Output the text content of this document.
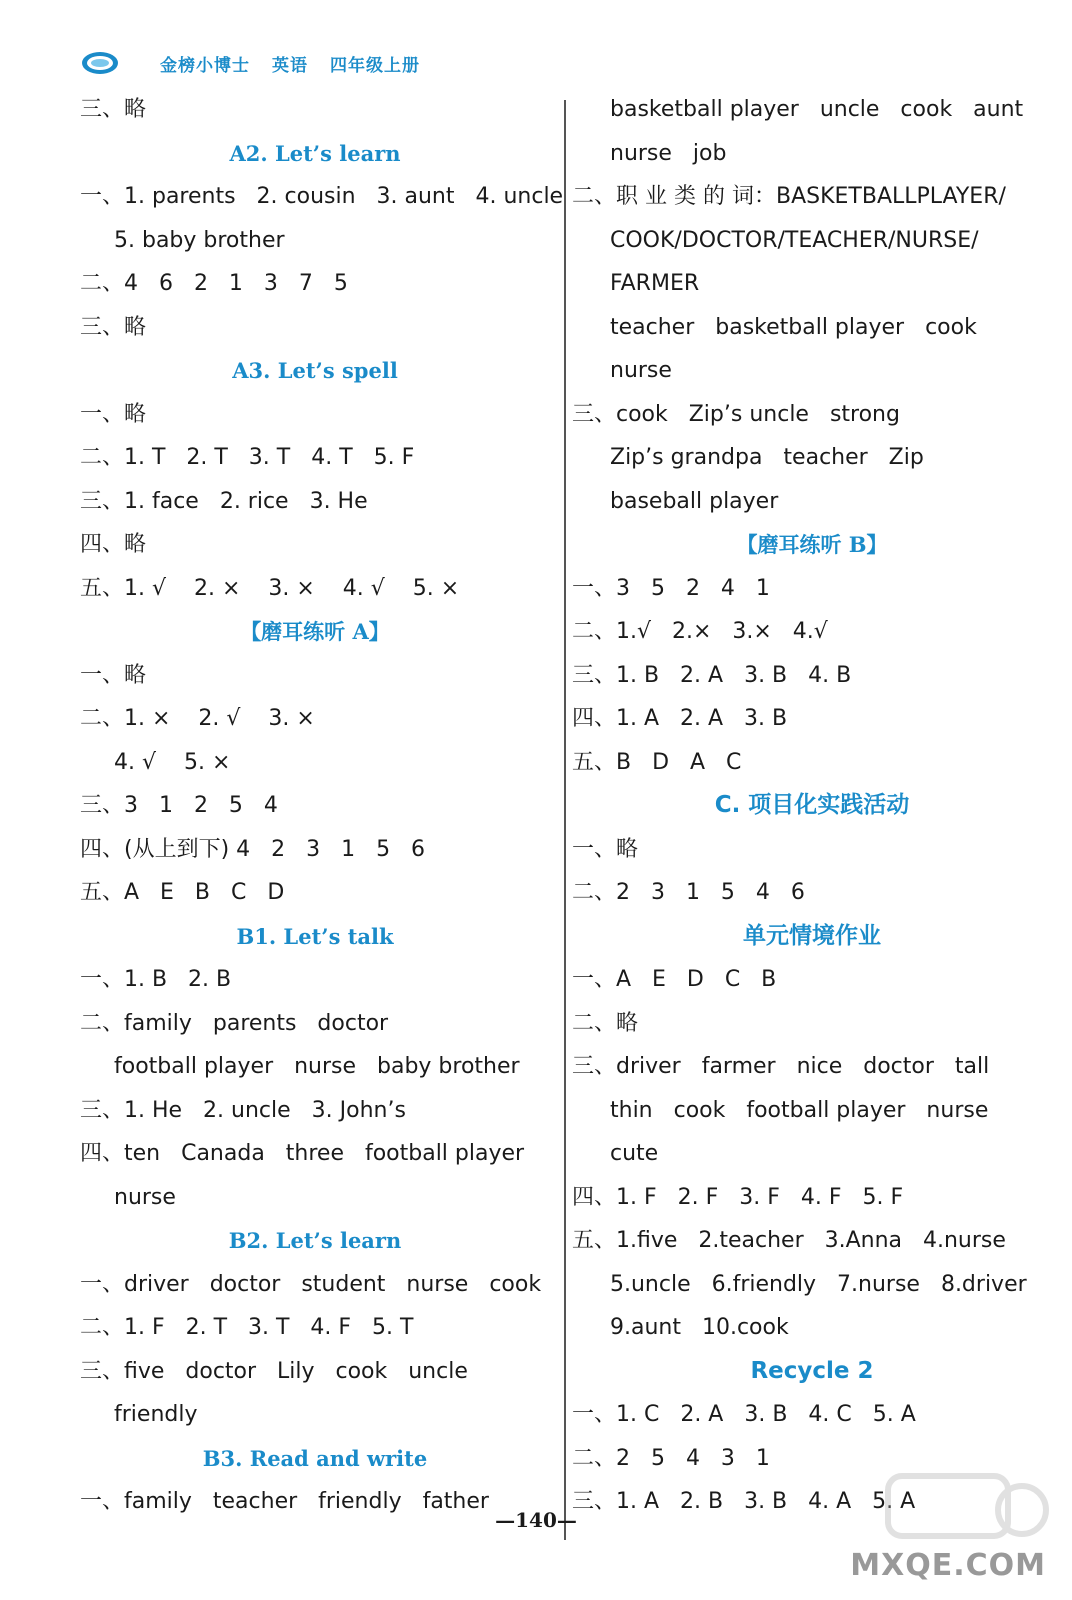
金榜小博士 英语 四年级上册
三、略
A2. Let’s learn
一、1. parents   2. cousin   3. aunt   4. uncle
5. baby brother
二、4   6   2   1   3   7   5
三、略
A3. Let’s spell
一、略
二、1. T   2. T   3. T   4. T   5. F
三、1. face   2. rice   3. He
四、略
五、1. √    2. ×    3. ×    4. √    5. ×
【磨耳练听 A】
一、略
二、1. ×    2. √    3. ×
4. √    5. ×
三、3   1   2   5   4
四、(从上到下) 4   2   3   1   5   6
五、A   E   B   C   D
B1. Let’s talk
一、1. B   2. B
二、family   parents   doctor
football player   nurse   baby brother
三、1. He   2. uncle   3. John’s
四、ten   Canada   three   football player
nurse
B2. Let’s learn
一、driver   doctor   student   nurse   cook
二、1. F   2. T   3. T   4. F   5. T
三、five   doctor   Lily   cook   uncle
friendly
B3. Read and write
一、family   teacher   friendly   father
basketball player   uncle   cook   aunt
nurse   job
二、职 业 类 的 词：BASKETBALLPLAYER/
COOK/DOCTOR/TEACHER/NURSE/
FARMER
teacher   basketball player   cook
nurse
三、cook   Zip’s uncle   strong
Zip’s grandpa   teacher   Zip
baseball player
【磨耳练听 B】
一、3   5   2   4   1
二、1.√   2.×   3.×   4.√
三、1. B   2. A   3. B   4. B
四、1. A   2. A   3. B
五、B   D   A   C
C. 项目化实践活动
一、略
二、2   3   1   5   4   6
单元情境作业
一、A   E   D   C   B
二、略
三、driver   farmer   nice   doctor   tall
thin   cook   football player   nurse
cute
四、1. F   2. F   3. F   4. F   5. F
五、1.five   2.teacher   3.Anna   4.nurse
5.uncle   6.friendly   7.nurse   8.driver
9.aunt   10.cook
Recycle 2
一、1. C   2. A   3. B   4. C   5. A
二、2   5   4   3   1
三、1. A   2. B   3. B   4. A   5. A
—140—
MXQE.COM
